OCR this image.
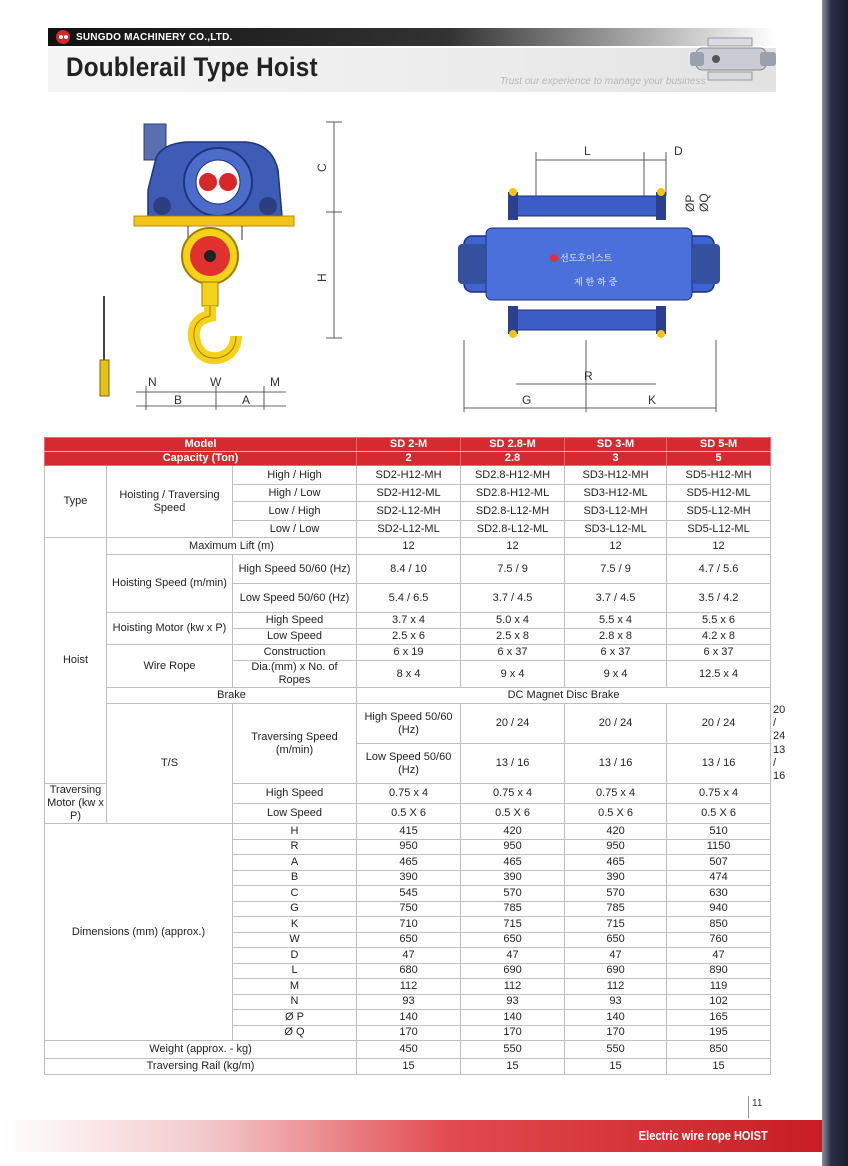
SUNGDO MACHINERY CO.,LTD.
Doublerail Type Hoist	Trust our experience to manage your business
C
H
N	W	M
B	A
L	D
ØP ØQ
선도호이스트
제 한 하 중
R
G	K
Model			SD 2-M	SD 2.8-M	SD 3-M	SD 5-M	
Capacity (Ton)			2	2.8	3	5	
Type	Hoisting / Traversing Speed	High / High	SD2-H12-MH	SD2.8-H12-MH	SD3-H12-MH	SD5-H12-MH	
		High / Low	SD2-H12-ML	SD2.8-H12-ML	SD3-H12-ML	SD5-H12-ML	
		Low / High	SD2-L12-MH	SD2.8-L12-MH	SD3-L12-MH	SD5-L12-MH	
		Low / Low	SD2-L12-ML	SD2.8-L12-ML	SD3-L12-ML	SD5-L12-ML	
Hoist	Maximum Lift (m)		12	12	12	12	
	Hoisting Speed (m/min)	High Speed 50/60 (Hz)	8.4 / 10	7.5 / 9	7.5 / 9	4.7 / 5.6	
		Low Speed 50/60 (Hz)	5.4 / 6.5	3.7 / 4.5	3.7 / 4.5	3.5 / 4.2	
	Hoisting Motor (kw x P)	High Speed	3.7 x 4	5.0 x 4	5.5 x 4	5.5 x 6	
		Low Speed	2.5 x 6	2.5 x 8	2.8 x 8	4.2 x 8	
	Wire Rope	Construction	6 x 19	6 x 37	6 x 37	6 x 37	
		Dia.(mm) x No. of Ropes	8 x 4	9 x 4	9 x 4	12.5 x 4	
	Brake		DC Magnet Disc Brake				
	T/S	Traversing Speed (m/min)	High Speed 50/60 (Hz)	20 / 24	20 / 24	20 / 24	20 / 24
			Low Speed 50/60 (Hz)	13 / 16	13 / 16	13 / 16	13 / 16
Traversing Motor (kw x P)		High Speed	0.75 x 4	0.75 x 4	0.75 x 4	0.75 x 4	
		Low Speed	0.5 X 6	0.5 X 6	0.5 X 6	0.5 X 6	
Dimensions (mm) (approx.)		H	415	420	420	510	
		R	950	950	950	1150	
		A	465	465	465	507	
		B	390	390	390	474	
		C	545	570	570	630	
		G	750	785	785	940	
		K	710	715	715	850	
		W	650	650	650	760	
		D	47	47	47	47	
		L	680	690	690	890	
		M	112	112	112	119	
		N	93	93	93	102	
		Ø P	140	140	140	165	
		Ø Q	170	170	170	195	
Weight (approx. - kg)			450	550	550	850	
Traversing Rail (kg/m)			15	15	15	15	
11
Electric wire rope HOIST
